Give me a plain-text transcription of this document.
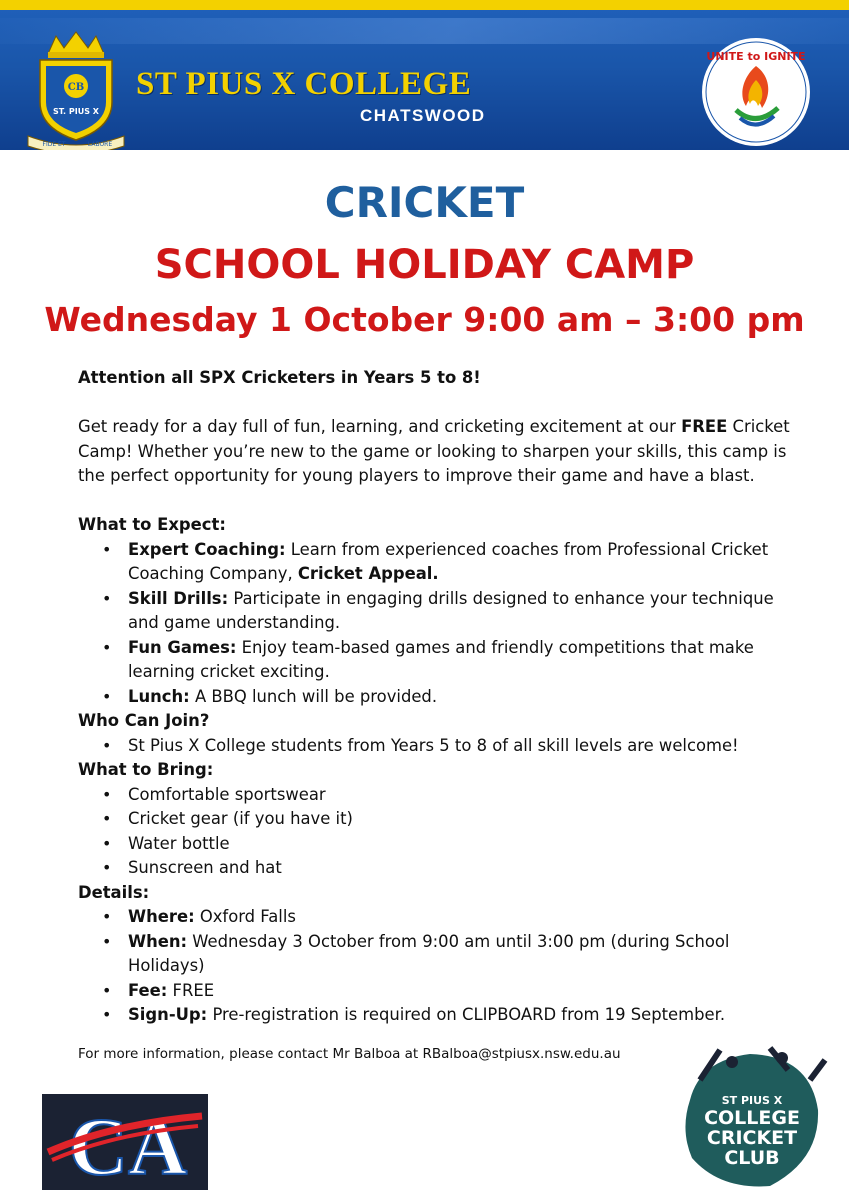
CB
ST. PIUS X
FIDE ET	LABORE
ST PIUS X COLLEGE
CHATSWOOD
UNITE to IGNITE
CRICKET
SCHOOL HOLIDAY CAMP
Wednesday 1 October 9:00 am – 3:00 pm

Attention all SPX Cricketers in Years 5 to 8!

Get ready for a day full of fun, learning, and cricketing excitement at our FREE Cricket Camp! Whether you’re new to the game or looking to sharpen your skills, this camp is the perfect opportunity for young players to improve their game and have a blast.

What to Expect:

• Expert Coaching: Learn from experienced coaches from Professional Cricket Coaching Company, Cricket Appeal.
• Skill Drills: Participate in engaging drills designed to enhance your technique and game understanding.
• Fun Games: Enjoy team-based games and friendly competitions that make learning cricket exciting.
• Lunch: A BBQ lunch will be provided.

Who Can Join?

• St Pius X College students from Years 5 to 8 of all skill levels are welcome!

What to Bring:

• Comfortable sportswear
• Cricket gear (if you have it)
• Water bottle
• Sunscreen and hat

Details:

• Where: Oxford Falls
• When: Wednesday 3 October from 9:00 am until 3:00 pm (during School Holidays)
• Fee: FREE
• Sign-Up: Pre-registration is required on CLIPBOARD from 19 September.
For more information, please contact Mr Balboa at RBalboa@stpiusx.nsw.edu.au
CA
ST PIUS X
COLLEGE
CRICKET
CLUB
